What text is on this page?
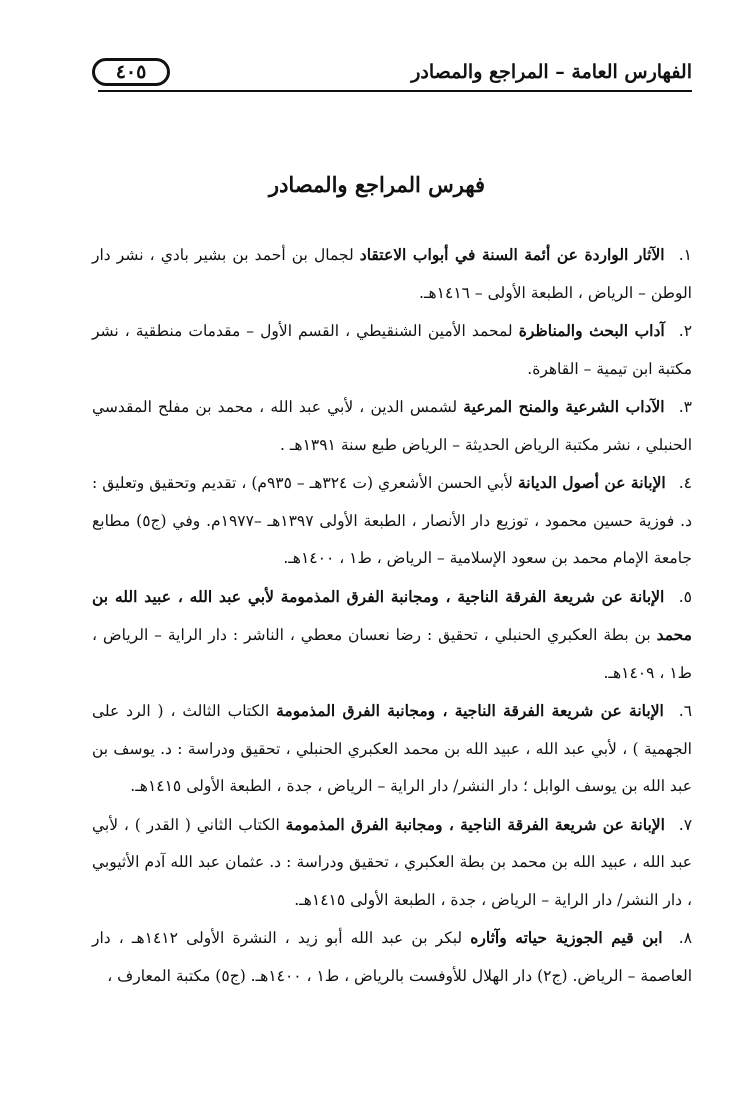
الفهارس العامة – المراجع والمصادر
٤٠٥
فهرس المراجع والمصادر

١. الآثار الواردة عن أئمة السنة في أبواب الاعتقاد لجمال بن أحمد بن بشير بادي ، نشر دار الوطن – الرياض ، الطبعة الأولى – ١٤١٦هـ.

٢. آداب البحث والمناظرة لمحمد الأمين الشنقيطي ، القسم الأول – مقدمات منطقية ، نشر مكتبة ابن تيمية – القاهرة.

٣. الآداب الشرعية والمنح المرعية لشمس الدين ، لأبي عبد الله ، محمد بن مفلح المقدسي الحنبلي ، نشر مكتبة الرياض الحديثة – الرياض طبع سنة ١٣٩١هـ .

٤. الإبانة عن أصول الديانة لأبي الحسن الأشعري (ت ٣٢٤هـ – ٩٣٥م) ، تقديم وتحقيق وتعليق : د. فوزية حسين محمود ، توزيع دار الأنصار ، الطبعة الأولى ١٣٩٧هـ –١٩٧٧م. وفي (ج٥) مطابع جامعة الإمام محمد بن سعود الإسلامية – الرياض ، ط١ ، ١٤٠٠هـ.

٥. الإبانة عن شريعة الفرقة الناجية ، ومجانبة الفرق المذمومة لأبي عبد الله ، عبيد الله بن محمد بن بطة العكبري الحنبلي ، تحقيق : رضا نعسان معطي ، الناشر : دار الراية – الرياض ، ط١ ، ١٤٠٩هـ.

٦. الإبانة عن شريعة الفرقة الناجية ، ومجانبة الفرق المذمومة الكتاب الثالث ، ( الرد على الجهمية ) ، لأبي عبد الله ، عبيد الله بن محمد العكبري الحنبلي ، تحقيق ودراسة : د. يوسف بن عبد الله بن يوسف الوابل ؛ دار النشر/ دار الراية – الرياض ، جدة ، الطبعة الأولى ١٤١٥هـ.

٧. الإبانة عن شريعة الفرقة الناجية ، ومجانبة الفرق المذمومة الكتاب الثاني ( القدر ) ، لأبي عبد الله ، عبيد الله بن محمد بن بطة العكبري ، تحقيق ودراسة : د. عثمان عبد الله آدم الأثيوبي ، دار النشر/ دار الراية – الرياض ، جدة ، الطبعة الأولى ١٤١٥هـ.

٨. ابن قيم الجوزية حياته وآثاره لبكر بن عبد الله أبو زيد ، النشرة الأولى ١٤١٢هـ ، دار العاصمة – الرياض. (ج٢) دار الهلال للأوفست بالرياض ، ط١ ، ١٤٠٠هـ. (ج٥) مكتبة المعارف ،
